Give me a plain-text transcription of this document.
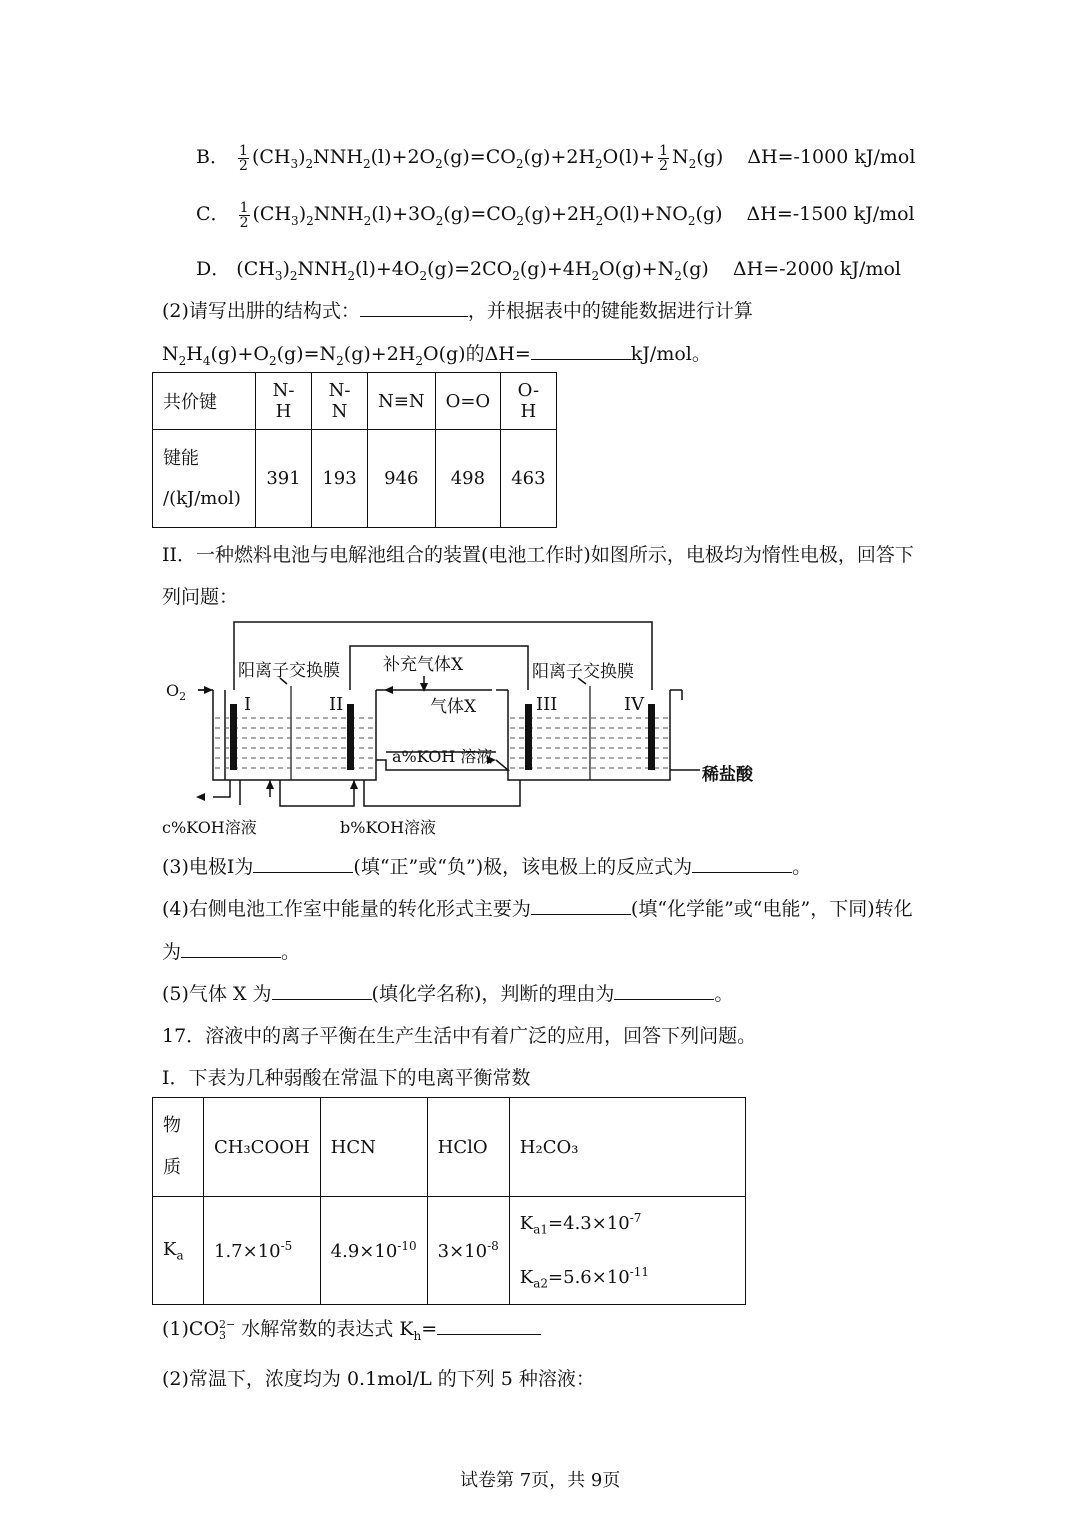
B． $\frac{1}{2} (CH_3)_2NNH_2(l)+2O_2(g)=CO_2(g)+2H_2O(l)+ \frac{1}{2} N_2(g)$ ΔH=-1000 kJ/mol
C． $\frac{1}{2} (CH_3)_2NNH_2(l)+3O_2(g)=CO_2(g)+2H_2O(l)+NO_2(g)$ ΔH=-1500 kJ/mol
D． $(CH_3)_2NNH_2(l)+4O_2(g)=2CO_2(g)+4H_2O(g)+N_2(g)$ ΔH=-2000 kJ/mol
(2)请写出肼的结构式：	，并根据表中的键能数据进行计算
$N_2H_4(g)+O_2(g)=N_2(g)+2H_2O(g)$的ΔH=	kJ/mol。
共价键	N-H	N-N	N≡N	O=O	O-H

键能
/(kJ/mol)	391	193	946	498	463
II．一种燃料电池与电解池组合的装置(电池工作时)如图所示，电极均为惰性电极，回答下
列问题：
$O_2$
阳离子交换膜	阳离子交换膜
补充气体X
气体X
I	II	III	IV
a%KOH 溶液
稀盐酸
c%KOH溶液	b%KOH溶液
(3)电极I为	(填“正”或“负”)极，该电极上的反应式为	。
(4)右侧电池工作室中能量的转化形式主要为	(填“化学能”或“电能”，下同)转化
为	。
(5)气体 X 为	(填化学名称)，判断的理由为	。
17．溶液中的离子平衡在生产生活中有着广泛的应用，回答下列问题。
I．下表为几种弱酸在常温下的电离平衡常数
物
质	CH₃COOH	HCN	HClO	H₂CO₃
$K_a$	$1.7\times 10^{-5}$	$4.9\times 10^{-10}$	$3\times 10^{-8}$	$K_{a1}=4.3\times 10^{-7}$
$K_{a2}=5.6\times 10^{-11}$
(1)CO 2−
3 水解常数的表达式 $K_h=$
(2)常温下，浓度均为 0.1mol/L 的下列 5 种溶液：
试卷第 7页，共 9页
